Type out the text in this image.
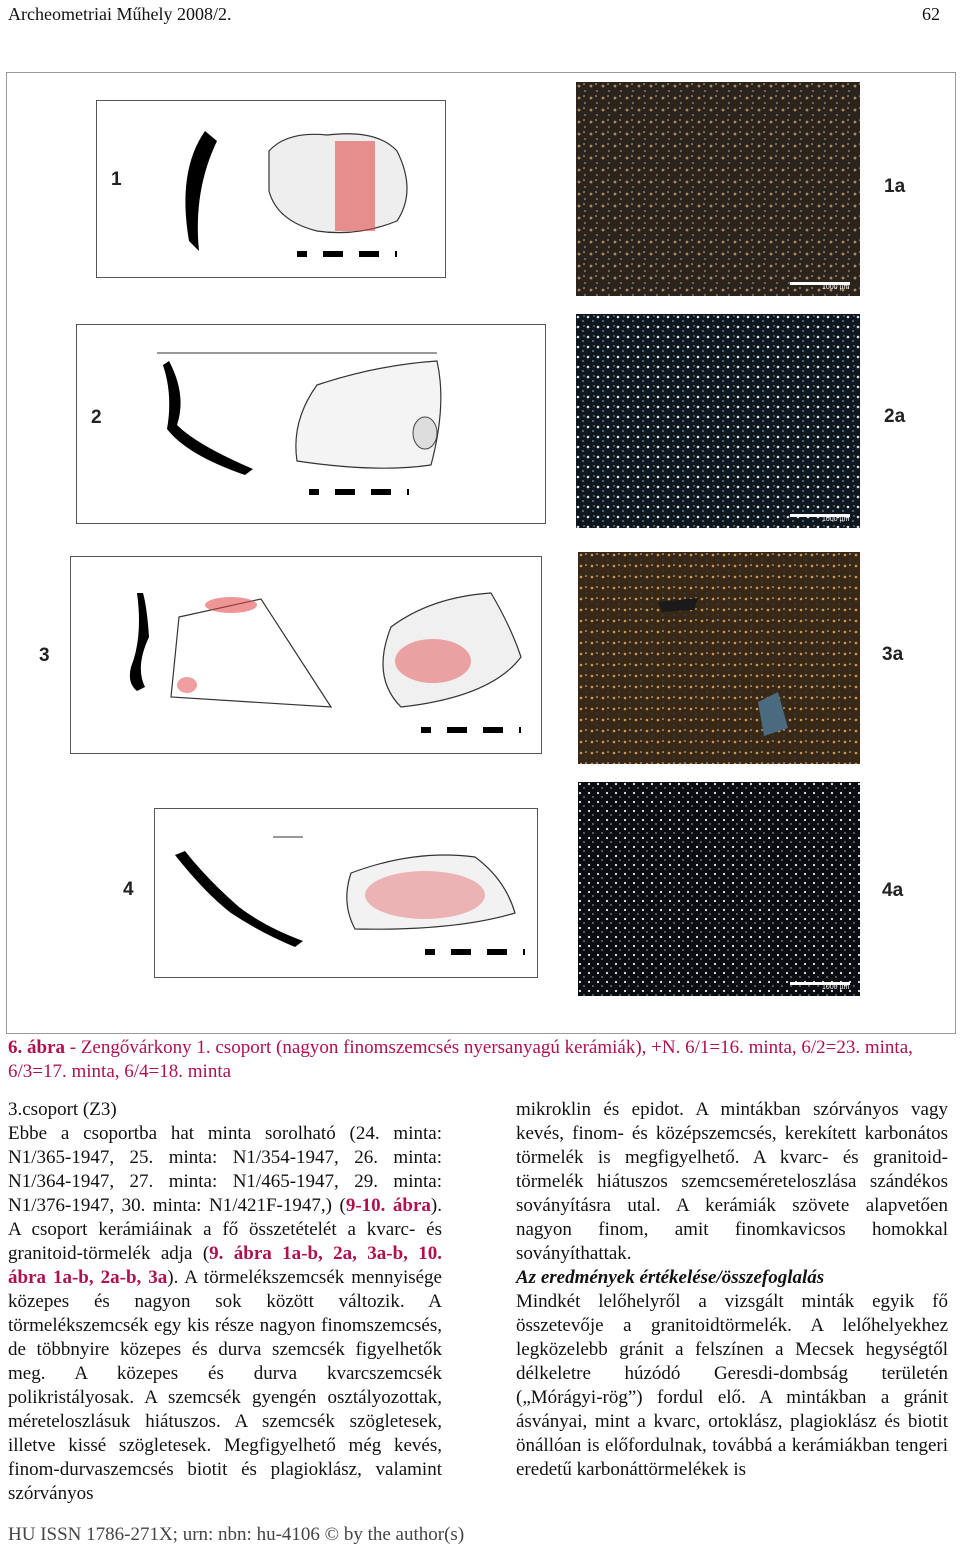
Archeometriai Műhely 2008/2.	62
1
2
3
4
1000 µm
1a
1000 µm
2a
3a
1000 µm
4a
6. ábra - Zengővárkony 1. csoport (nagyon finomszemcsés nyersanyagú kerámiák), +N. 6/1=16. minta, 6/2=23. minta, 6/3=17. minta, 6/4=18. minta

3.csoport (Z3)

Ebbe a csoportba hat minta sorolható (24. minta: N1/365-1947, 25. minta: N1/354-1947, 26. minta: N1/364-1947, 27. minta: N1/465-1947, 29. minta: N1/376-1947, 30. minta: N1/421F-1947,) (9-10. ábra). A csoport kerámiáinak a fő összetételét a kvarc- és granitoid-törmelék adja (9. ábra 1a-b, 2a, 3a-b, 10. ábra 1a-b, 2a-b, 3a). A törmelékszemcsék mennyisége közepes és nagyon sok között változik. A törmelékszemcsék egy kis része nagyon finomszemcsés, de többnyire közepes és durva szemcsék figyelhetők meg. A közepes és durva kvarcszemcsék polikristályosak. A szemcsék gyengén osztályozottak, méreteloszlásuk hiátuszos. A szemcsék szögletesek, illetve kissé szögletesek. Megfigyelhető még kevés, finom-durvaszemcsés biotit és plagioklász, valamint szórványos

mikroklin és epidot. A mintákban szórványos vagy kevés, finom- és középszemcsés, kerekített karbonátos törmelék is megfigyelhető. A kvarc- és granitoid-törmelék hiátuszos szemcseméreteloszlása szándékos soványításra utal. A kerámiák szövete alapvetően nagyon finom, amit finomkavicsos homokkal soványíthattak.

Az eredmények értékelése/összefoglalás

Mindkét lelőhelyről a vizsgált minták egyik fő összetevője a granitoidtörmelék. A lelőhelyekhez legközelebb gránit a felszínen a Mecsek hegységtől délkeletre húzódó Geresdi-dombság területén („Mórágyi-rög”) fordul elő. A mintákban a gránit ásványai, mint a kvarc, ortoklász, plagioklász és biotit önállóan is előfordulnak, továbbá a kerámiákban tengeri eredetű karbonáttörmelékek is

HU ISSN 1786-271X; urn: nbn: hu-4106 © by the author(s)
